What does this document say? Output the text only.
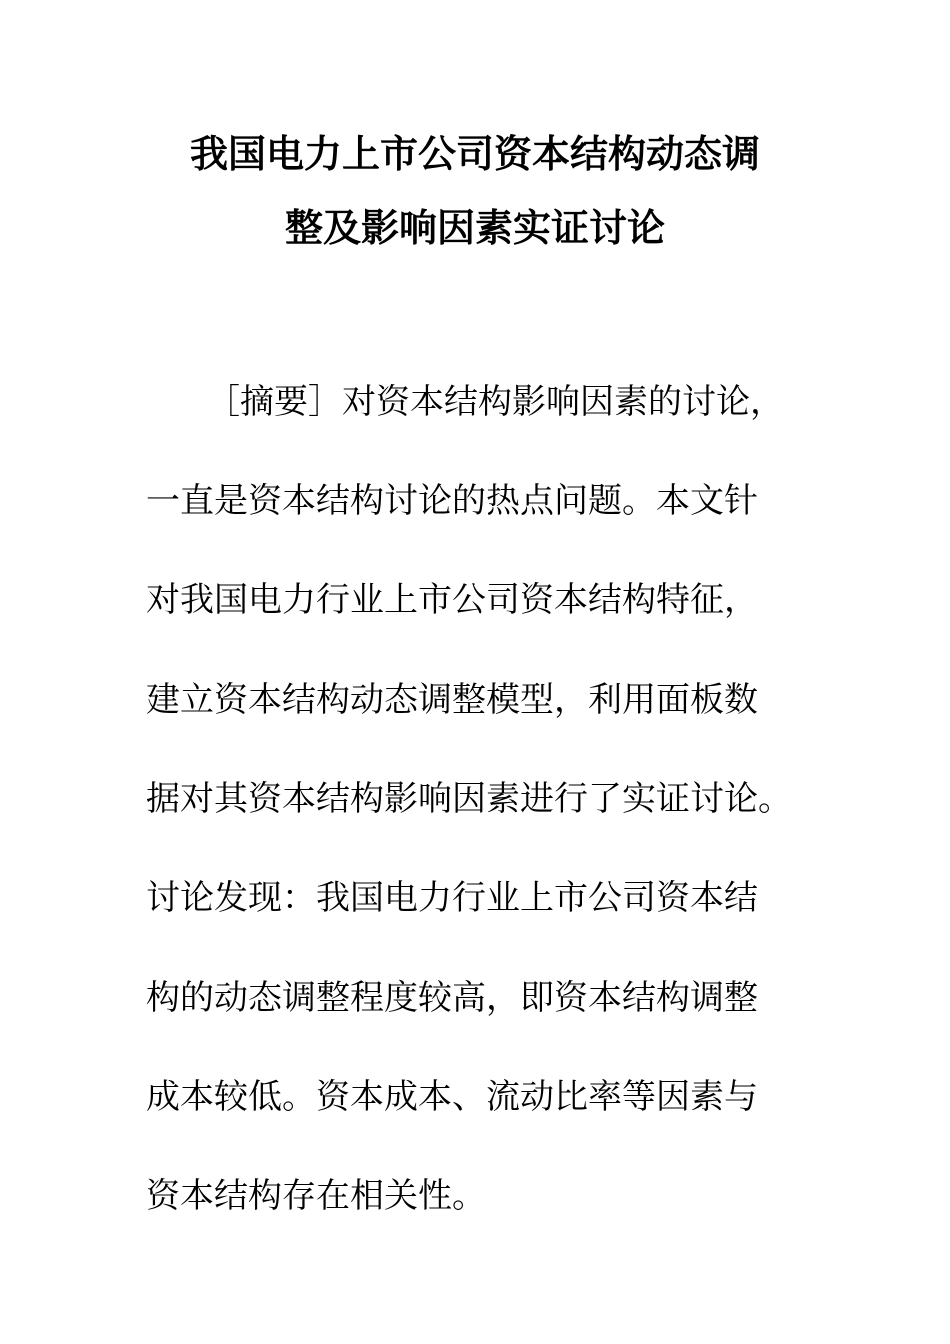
我国电力上市公司资本结构动态调
整及影响因素实证讨论
［摘要］对资本结构影响因素的讨论，
一直是资本结构讨论的热点问题。本文针
对我国电力行业上市公司资本结构特征，
建立资本结构动态调整模型，利用面板数
据对其资本结构影响因素进行了实证讨论。
讨论发现：我国电力行业上市公司资本结
构的动态调整程度较高，即资本结构调整
成本较低。资本成本、流动比率等因素与
资本结构存在相关性。
